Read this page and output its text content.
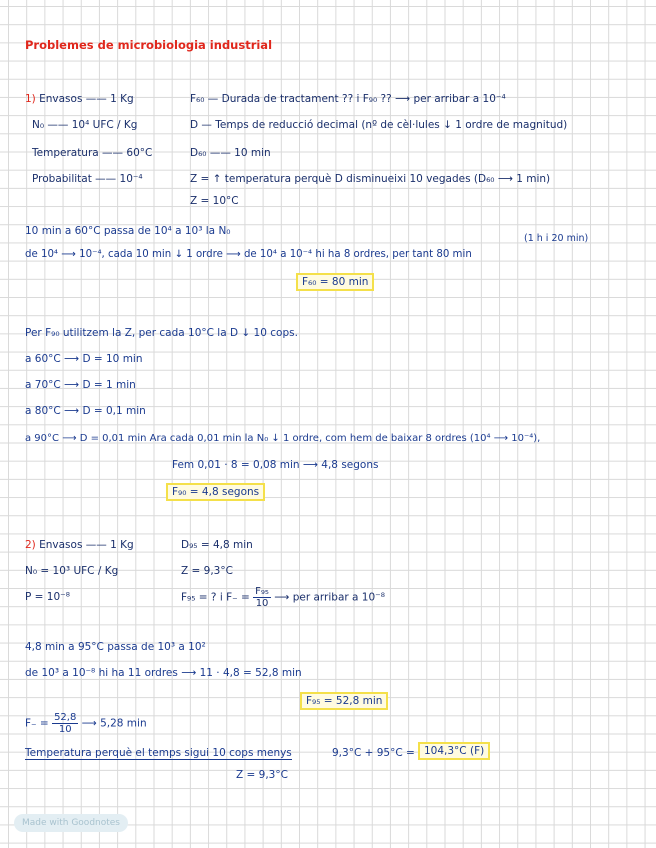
Problemes de microbiologia industrial
1) Envasos —— 1 Kg
N₀ —— 10⁴ UFC / Kg
Temperatura —— 60°C
Probabilitat —— 10⁻⁴
F₆₀ — Durada de tractament ?? i F₉₀ ?? ⟶ per arribar a 10⁻⁴
D — Temps de reducció decimal (nº de cèl·lules ↓ 1 ordre de magnitud)
D₆₀ —— 10 min
Z = ↑ temperatura perquè D disminueixi 10 vegades (D₆₀ ⟶ 1 min)
Z = 10°C
10 min a 60°C passa de 10⁴ a 10³ la N₀
(1 h i 20 min)
de 10⁴ ⟶ 10⁻⁴, cada 10 min ↓ 1 ordre ⟶ de 10⁴ a 10⁻⁴ hi ha 8 ordres, per tant 80 min
F₆₀ = 80 min
Per F₉₀ utilitzem la Z, per cada 10°C la D ↓ 10 cops.
a 60°C ⟶ D = 10 min
a 70°C ⟶ D = 1 min
a 80°C ⟶ D = 0,1 min
a 90°C ⟶ D = 0,01 min Ara cada 0,01 min la N₀ ↓ 1 ordre, com hem de baixar 8 ordres (10⁴ ⟶ 10⁻⁴),
Fem 0,01 · 8 = 0,08 min ⟶ 4,8 segons
F₉₀ = 4,8 segons
2) Envasos —— 1 Kg
N₀ = 10³ UFC / Kg
P = 10⁻⁸
D₉₅ = 4,8 min
Z = 9,3°C
F₉₅ = ? i $F_- = \frac{\text{F₉₅}}{10}$ ⟶ per arribar a 10⁻⁸
4,8 min a 95°C passa de 10³ a 10²
de 10³ a 10⁻⁸ hi ha 11 ordres ⟶ 11 · 4,8 = 52,8 min
F₉₅ = 52,8 min
$F_- = \frac{52,8}{10}$ ⟶ 5,28 min
Temperatura perquè el temps sigui 10 cops menys
Z = 9,3°C
9,3°C + 95°C = 104,3°C (F)
Made with Goodnotes
